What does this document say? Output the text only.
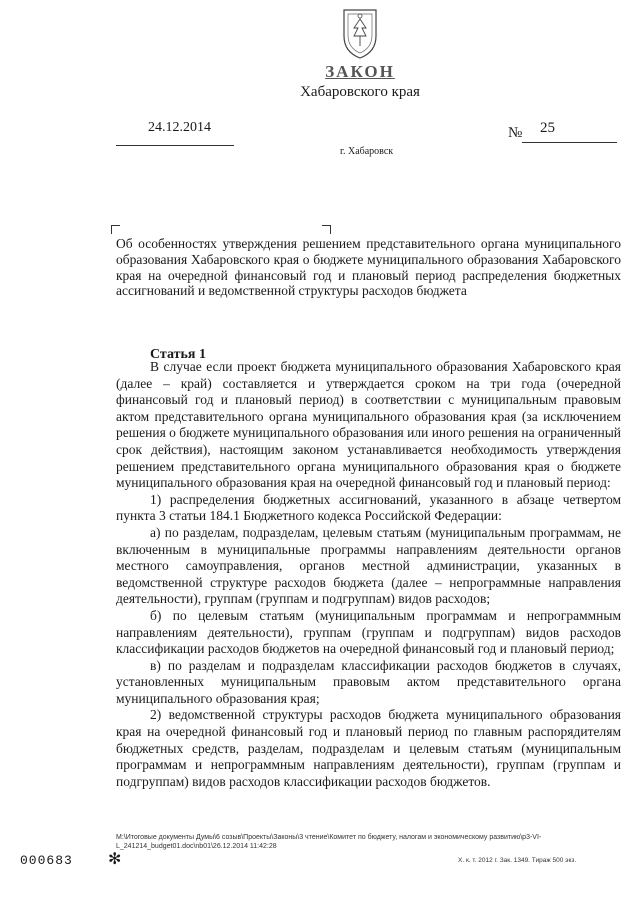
ЗАКОН
Хабаровского края
24.12.2014	№ 25
г. Хабаровск
Об особенностях утверждения решением представительного органа муниципального образования Хабаровского края о бюджете муниципального образования Хабаровского края на очередной финансовый год и плановый период распределения бюджетных ассигнований и ведомственной структуры расходов бюджета
Статья 1

В случае если проект бюджета муниципального образования Хабаровского края (далее – край) составляется и утверждается сроком на три года (очередной финансовый год и плановый период) в соответствии с муниципальным правовым актом представительного органа муниципального образования края (за исключением решения о бюджете муниципального образования или иного решения на ограниченный срок действия), настоящим законом устанавливается необходимость утверждения решением представительного органа муниципального образования края о бюджете муниципального образования края на очередной финансовый год и плановый период:

1) распределения бюджетных ассигнований, указанного в абзаце четвертом пункта 3 статьи 184.1 Бюджетного кодекса Российской Федерации:

а) по разделам, подразделам, целевым статьям (муниципальным программам, не включенным в муниципальные программы направлениям деятельности органов местного самоуправления, органов местной администрации, указанных в ведомственной структуре расходов бюджета (далее – непрограммные направления деятельности), группам (группам и подгруппам) видов расходов;

б) по целевым статьям (муниципальным программам и непрограммным направлениям деятельности), группам (группам и подгруппам) видов расходов классификации расходов бюджетов на очередной финансовый год и плановый период;

в) по разделам и подразделам классификации расходов бюджетов в случаях, установленных муниципальным правовым актом представительного органа муниципального образования края;

2) ведомственной структуры расходов бюджета муниципального образования края на очередной финансовый год и плановый период по главным распорядителям бюджетных средств, разделам, подразделам и целевым статьям (муниципальным программам и непрограммным направлениям деятельности), группам (группам и подгруппам) видов расходов классификации расходов бюджетов.

M:\Итоговые документы Думы\6 созыв\Проекты\Законы\3 чтение\Комитет по бюджету, налогам и экономическому развитию\р3-VI-L_241214_budget01.doc\nb01\26.12.2014 11:42:28
000683 ✻	Х. к. т. 2012 г. Зак. 1349. Тираж 500 экз.
